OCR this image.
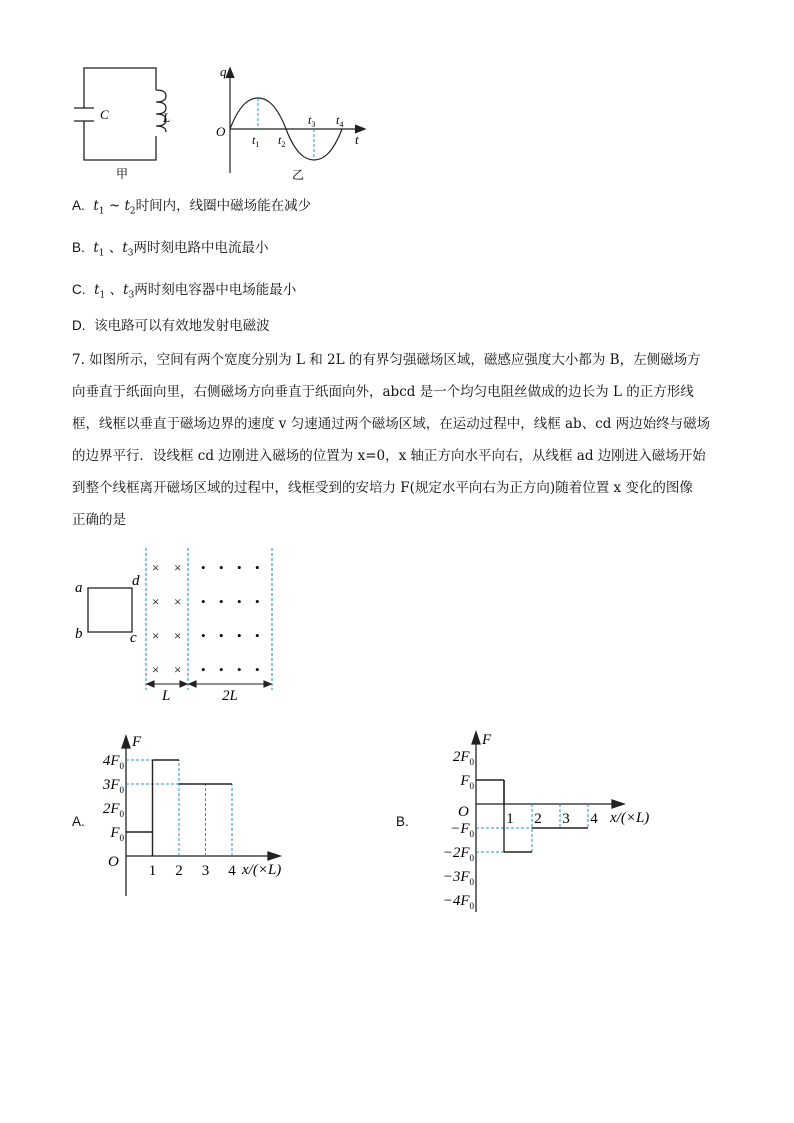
C	L
甲
q
O
t
$t_1$ $t_2$
$t_3$ $t_4$
乙
A. $t_1$ ~ $t_2$时间内，线圈中磁场能在减少
B. $t_1$ 、$t_3$两时刻电路中电流最小
C. $t_1$ 、$t_3$两时刻电容器中电场能最小
D. 该电路可以有效地发射电磁波
7. 如图所示，空间有两个宽度分别为 L 和 2L 的有界匀强磁场区域，磁感应强度大小都为 B，左侧磁场方
向垂直于纸面向里，右侧磁场方向垂直于纸面向外，abcd 是一个均匀电阻丝做成的边长为 L 的正方形线
框，线框以垂直于磁场边界的速度 v 匀速通过两个磁场区域，在运动过程中，线框 ab、cd 两边始终与磁场
的边界平行．设线框 cd 边刚进入磁场的位置为 x=0，x 轴正方向水平向右，从线框 ad 边刚进入磁场开始
到整个线框离开磁场区域的过程中，线框受到的安培力 F(规定水平向右为正方向)随着位置 x 变化的图像
正确的是
a
b	c
d
× ×
× ×
× ×
× ×
• • • •
• • • •
• • • •
• • • •
L	2L
A.
$4F_0$
$3F_0$
$2F_0$
$F_0$
1 2 3 4
F
O	x/(×L)
B.
$2F_0$
$F_0$
$-F_0$
$-2F_0$
$-3F_0$
$-4F_0$
1 2 3 4
F
O	x/(×L)
